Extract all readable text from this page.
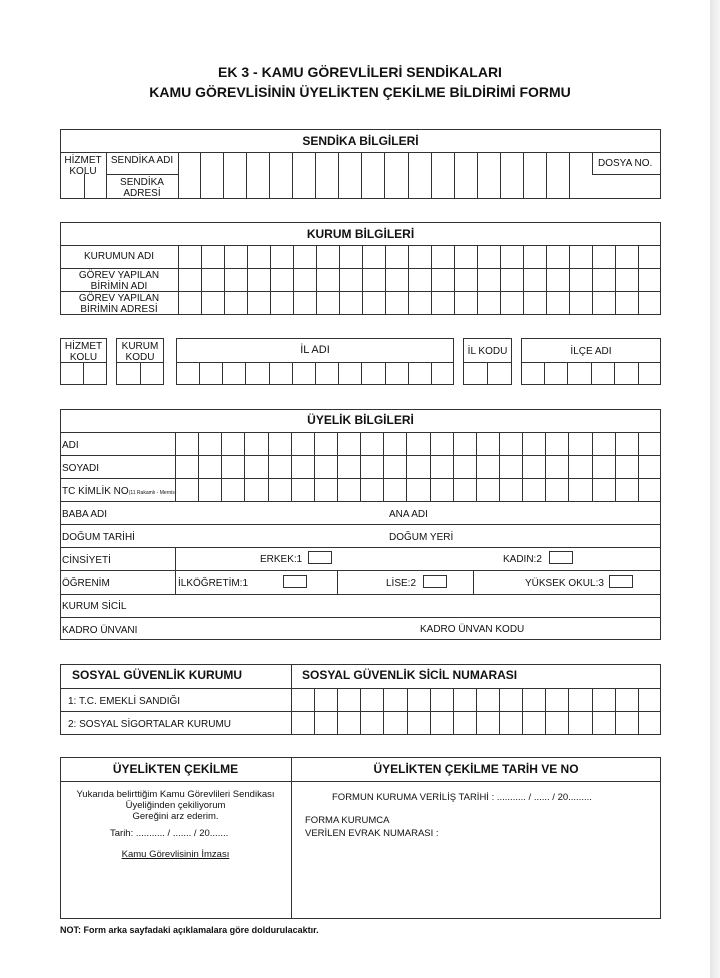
EK 3 - KAMU GÖREVLİLERİ SENDİKALARI
KAMU GÖREVLİSİNİN ÜYELİKTEN ÇEKİLME BİLDİRİMİ FORMU
SENDİKA BİLGİLERİ
HİZMET KOLU
SENDİKA ADI
SENDİKA ADRESİ
DOSYA NO.
KURUM BİLGİLERİ
KURUMUN ADI
GÖREV YAPILAN BİRİMİN ADI
GÖREV YAPILAN BİRİMİN ADRESİ
HİZMET KOLU
KURUM KODU
İL ADI	İL KODU	İLÇE ADI
ÜYELİK BİLGİLERİ
ADI
SOYADI
TC KİMLİK NO(11 Rakamlı - Mernis)
BABA ADI	ANA ADI
DOĞUM TARİHİ	DOĞUM YERİ
CİNSİYETİ	ERKEK:1	KADIN:2
ÖĞRENİM	İLKÖĞRETİM:1	LİSE:2	YÜKSEK OKUL:3
KURUM SİCİL
KADRO ÜNVANI	KADRO ÜNVAN KODU
SOSYAL GÜVENLİK KURUMU	SOSYAL GÜVENLİK SİCİL NUMARASI
1: T.C. EMEKLİ SANDIĞI
2: SOSYAL SİGORTALAR KURUMU
ÜYELİKTEN ÇEKİLME	ÜYELİKTEN ÇEKİLME TARİH VE NO
Yukarıda belirttiğim Kamu Görevlileri Sendikası
Üyeliğinden çekiliyorum
Gereğini arz ederim.
Tarih: ........... / ....... / 20.......
Kamu Görevlisinin İmzası
FORMUN KURUMA VERİLİŞ TARİHİ : ........... / ...... / 20.........
FORMA KURUMCA
VERİLEN EVRAK NUMARASI :
NOT: Form arka sayfadaki açıklamalara göre doldurulacaktır.
